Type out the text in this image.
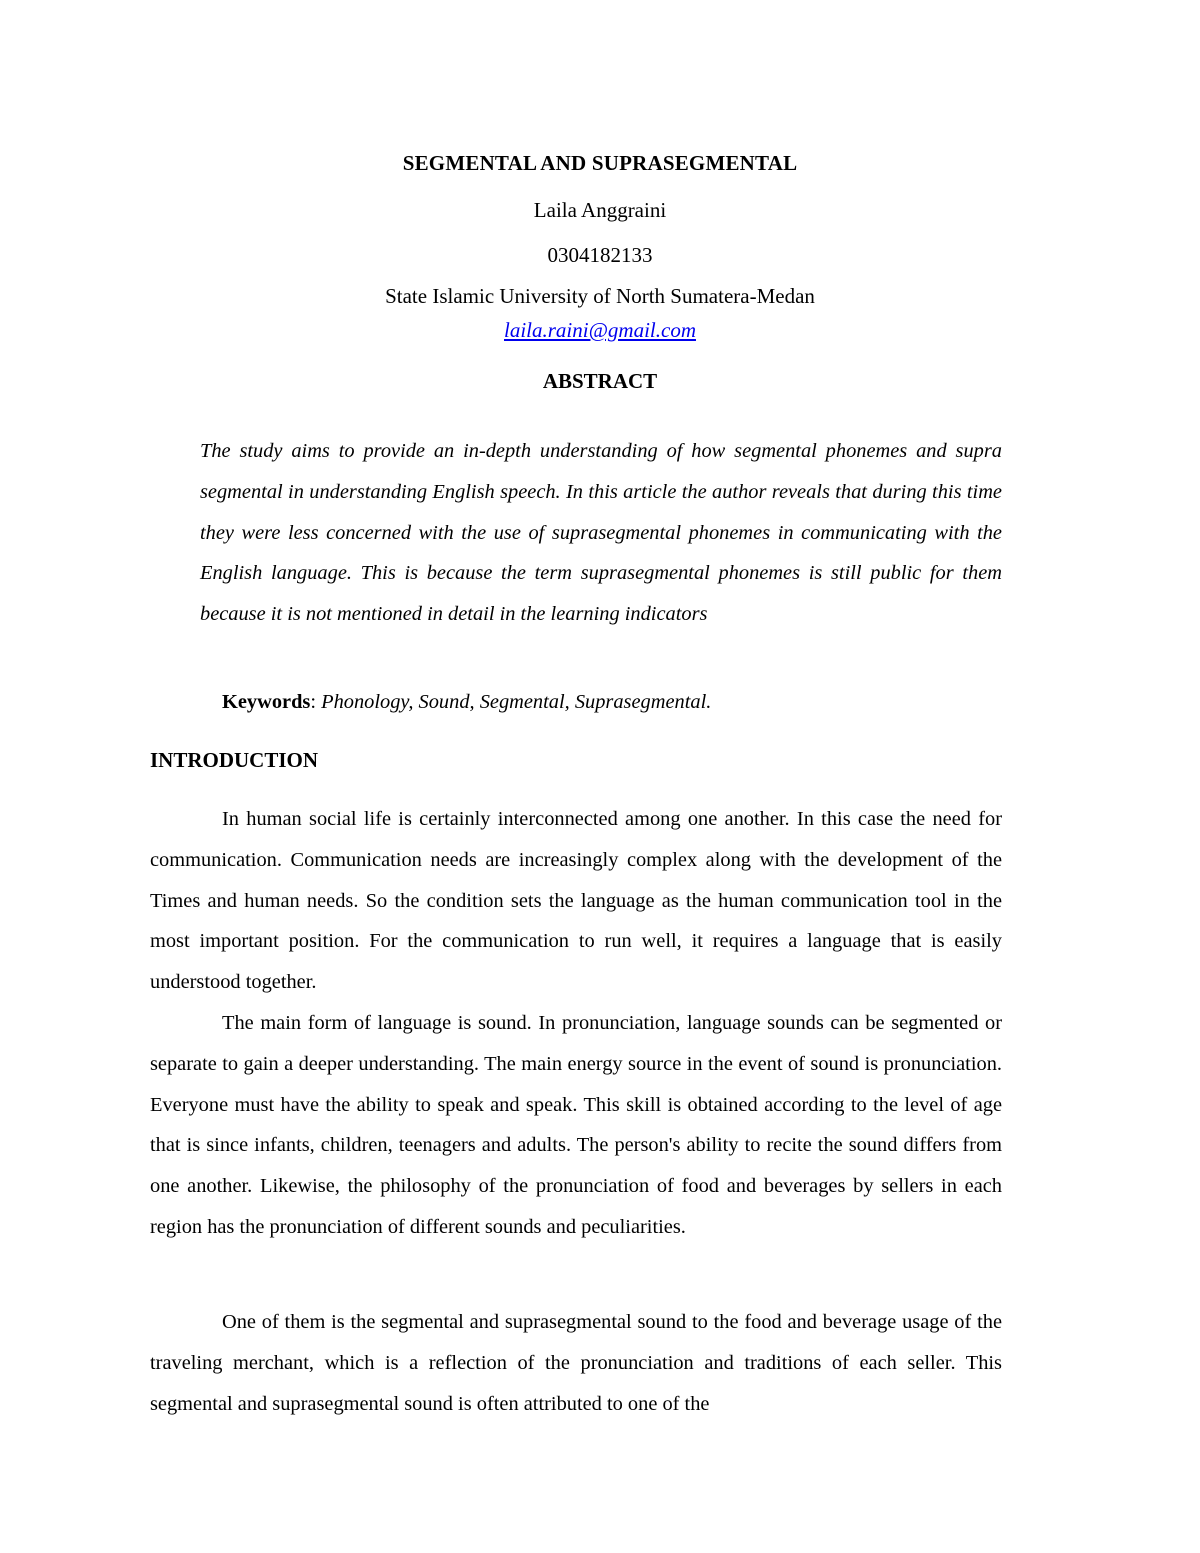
SEGMENTAL AND SUPRASEGMENTAL
Laila Anggraini
0304182133
State Islamic University of North Sumatera-Medan
laila.raini@gmail.com
ABSTRACT

The study aims to provide an in-depth understanding of how segmental phonemes and supra segmental in understanding English speech. In this article the author reveals that during this time they were less concerned with the use of suprasegmental phonemes in communicating with the English language. This is because the term suprasegmental phonemes is still public for them because it is not mentioned in detail in the learning indicators

Keywords: Phonology, Sound, Segmental, Suprasegmental.
INTRODUCTION

In human social life is certainly interconnected among one another. In this case the need for communication. Communication needs are increasingly complex along with the development of the Times and human needs. So the condition sets the language as the human communication tool in the most important position. For the communication to run well, it requires a language that is easily understood together.

The main form of language is sound. In pronunciation, language sounds can be segmented or separate to gain a deeper understanding. The main energy source in the event of sound is pronunciation. Everyone must have the ability to speak and speak. This skill is obtained according to the level of age that is since infants, children, teenagers and adults. The person's ability to recite the sound differs from one another. Likewise, the philosophy of the pronunciation of food and beverages by sellers in each region has the pronunciation of different sounds and peculiarities.

One of them is the segmental and suprasegmental sound to the food and beverage usage of the traveling merchant, which is a reflection of the pronunciation and traditions of each seller. This segmental and suprasegmental sound is often attributed to one of the
